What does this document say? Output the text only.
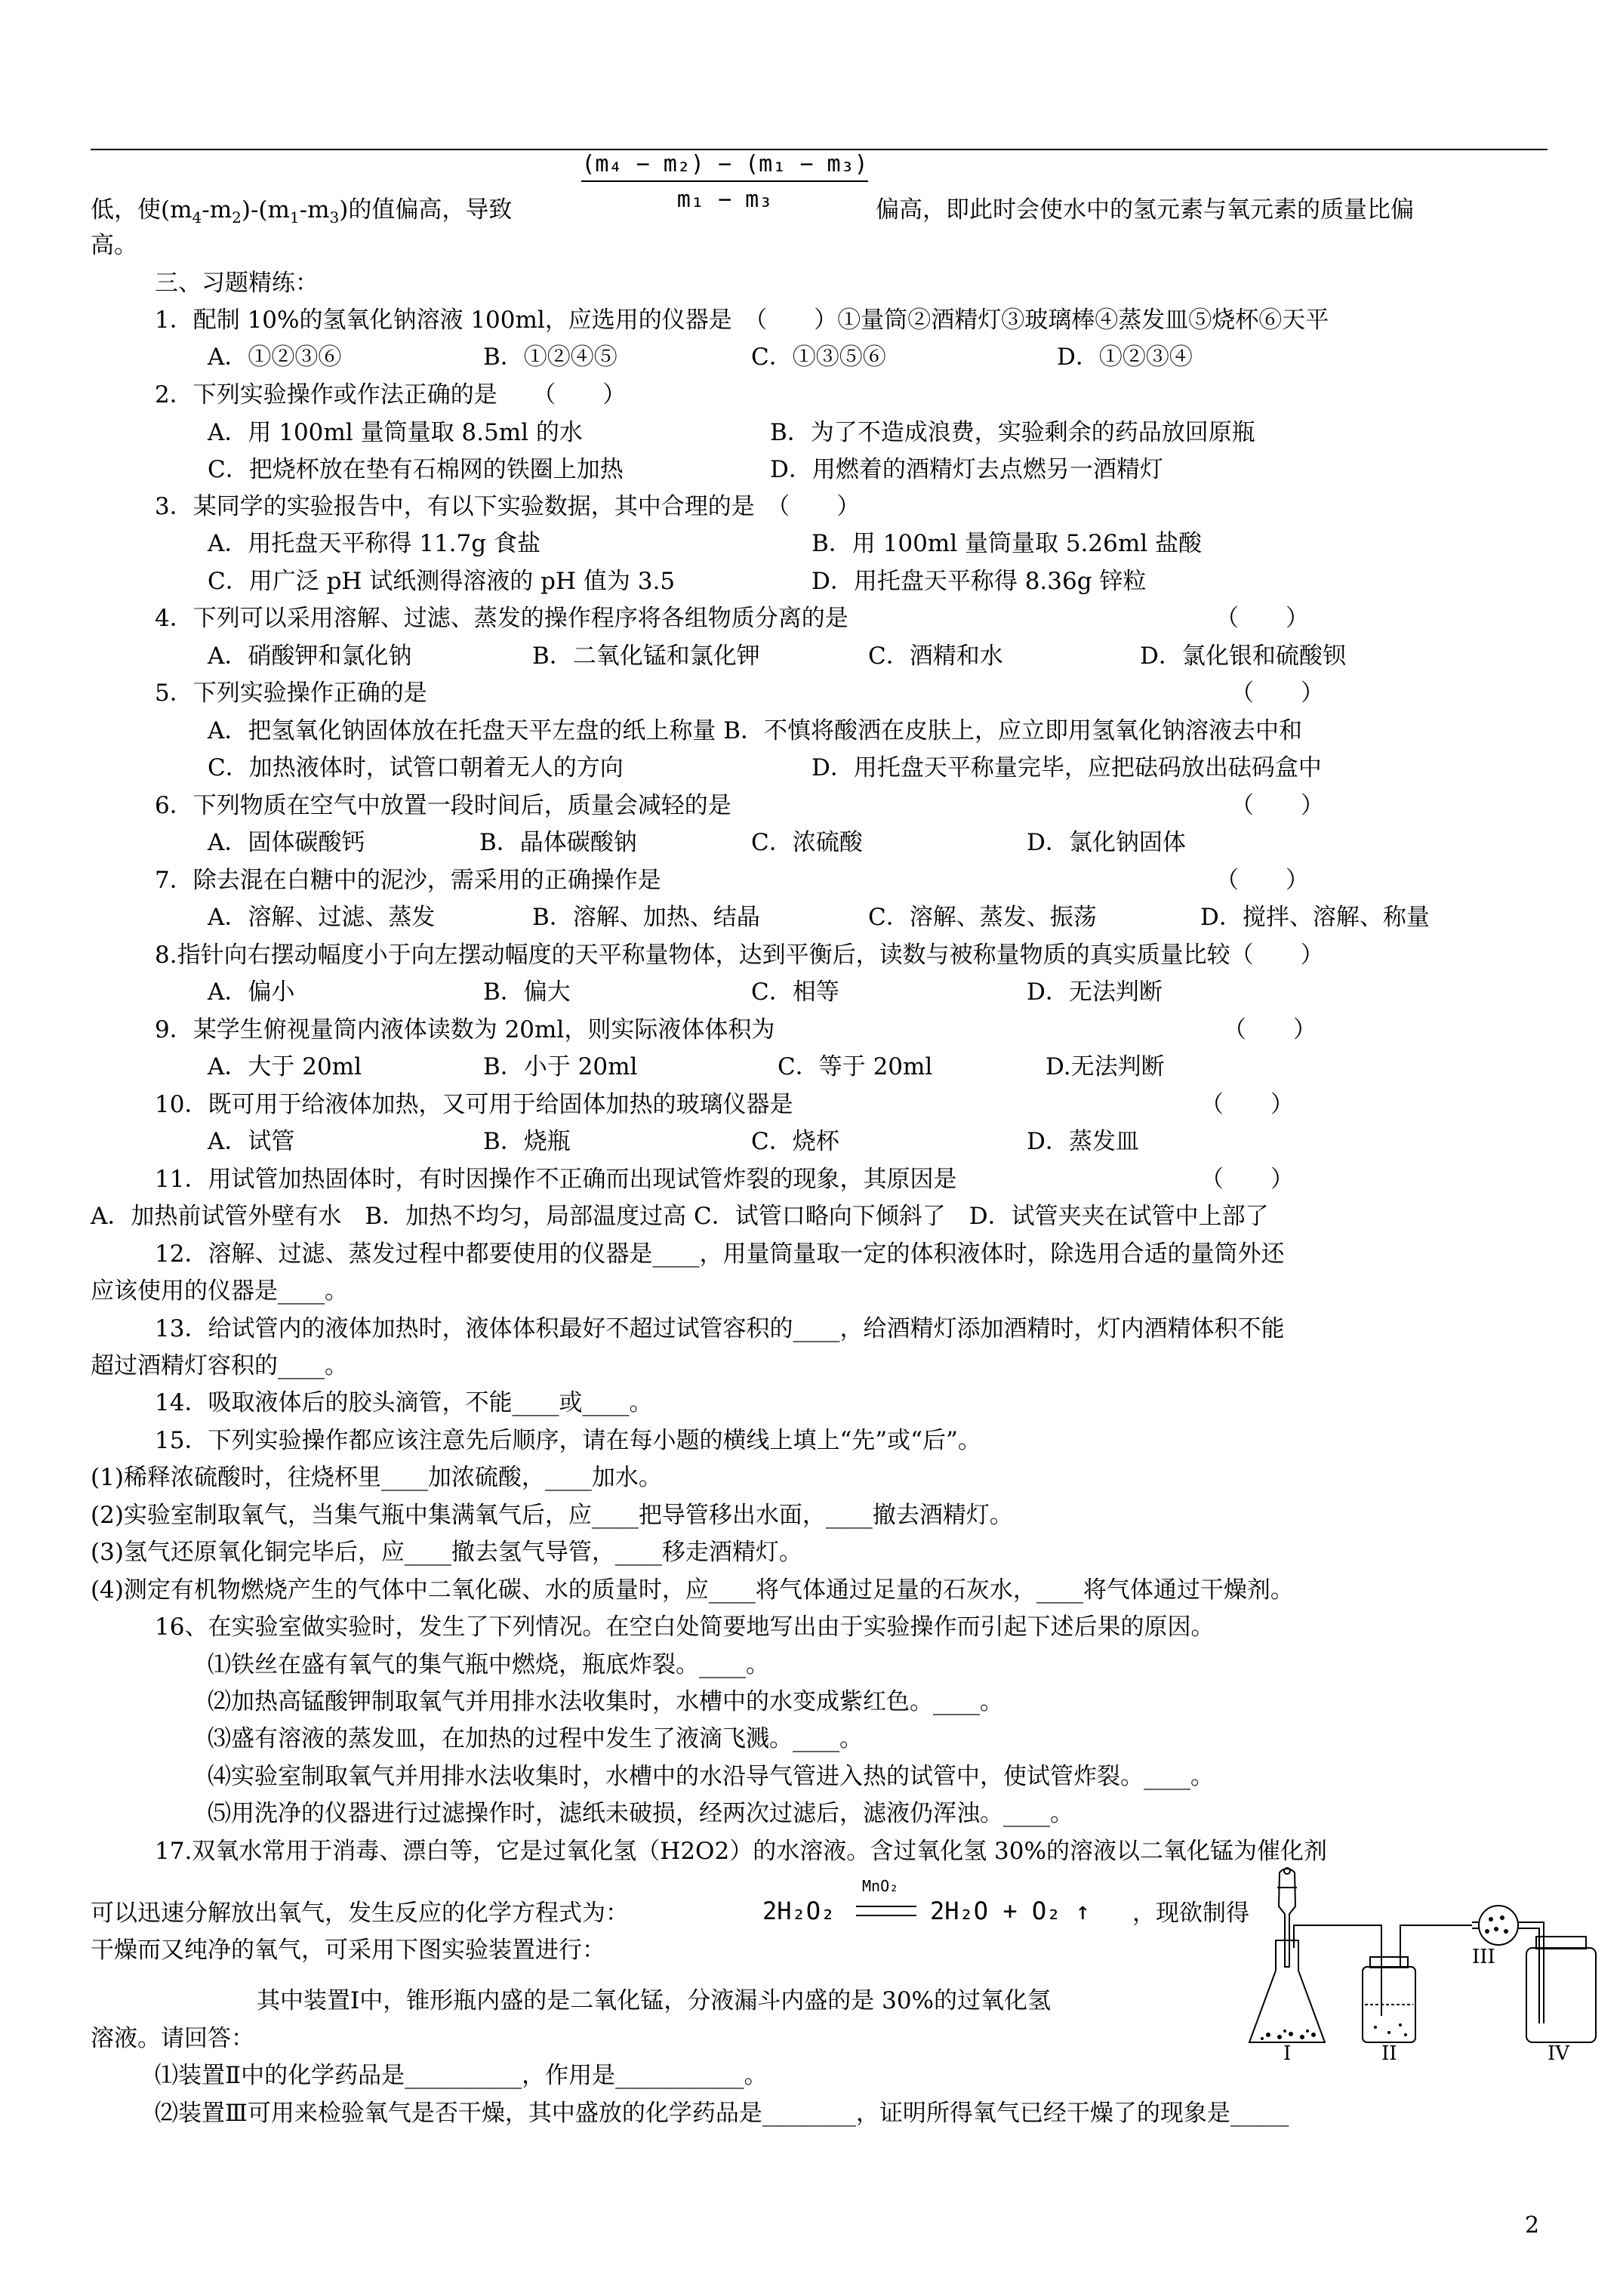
$\frac{\text{(m₄ − m₂) − (m₁ − m₃)}}{\text{m₁ − m₃}}$
低，使$(m_4-m_2)-(m_1-m_3)$的值偏高，导致	偏高，即此时会使水中的氢元素与氧元素的质量比偏
高。
三、习题精练：
1．配制 10%的氢氧化钠溶液 100ml，应选用的仪器是　（　　）①量筒②酒精灯③玻璃棒④蒸发皿⑤烧杯⑥天平
A．①②③⑥	B．①②④⑤	C．①③⑤⑥	D．①②③④
2．下列实验操作或作法正确的是　　（　　）
A．用 100ml 量筒量取 8.5ml 的水	B．为了不造成浪费，实验剩余的药品放回原瓶
C．把烧杯放在垫有石棉网的铁圈上加热	D．用燃着的酒精灯去点燃另一酒精灯
3．某同学的实验报告中，有以下实验数据，其中合理的是　（　　）
A．用托盘天平称得 11.7g 食盐	B．用 100ml 量筒量取 5.26ml 盐酸
C．用广泛 pH 试纸测得溶液的 pH 值为 3.5	D．用托盘天平称得 8.36g 锌粒
4．下列可以采用溶解、过滤、蒸发的操作程序将各组物质分离的是	（　　）
A．硝酸钾和氯化钠	B．二氧化锰和氯化钾	C．酒精和水	D．氯化银和硫酸钡
5．下列实验操作正确的是	（　　）
A．把氢氧化钠固体放在托盘天平左盘的纸上称量 B．不慎将酸洒在皮肤上，应立即用氢氧化钠溶液去中和
C．加热液体时，试管口朝着无人的方向	D．用托盘天平称量完毕，应把砝码放出砝码盒中
6．下列物质在空气中放置一段时间后，质量会减轻的是	（　　）
A．固体碳酸钙	B．晶体碳酸钠	C．浓硫酸	D．氯化钠固体
7．除去混在白糖中的泥沙，需采用的正确操作是	（　　）
A．溶解、过滤、蒸发	B．溶解、加热、结晶	C．溶解、蒸发、振荡	D．搅拌、溶解、称量
8.指针向右摆动幅度小于向左摆动幅度的天平称量物体，达到平衡后，读数与被称量物质的真实质量比较（　　）
A．偏小	B．偏大	C．相等	D．无法判断
9．某学生俯视量筒内液体读数为 20ml，则实际液体体积为	（　　）
A．大于 20ml	B．小于 20ml	C．等于 20ml	D.无法判断
10．既可用于给液体加热，又可用于给固体加热的玻璃仪器是	（　　）
A．试管	B．烧瓶	C．烧杯	D．蒸发皿
11．用试管加热固体时，有时因操作不正确而出现试管炸裂的现象，其原因是	（　　）
A．加热前试管外壁有水　B．加热不均匀，局部温度过高 C．试管口略向下倾斜了　D．试管夹夹在试管中上部了
12．溶解、过滤、蒸发过程中都要使用的仪器是____，用量筒量取一定的体积液体时，除选用合适的量筒外还
应该使用的仪器是____。
13．给试管内的液体加热时，液体体积最好不超过试管容积的____，给酒精灯添加酒精时，灯内酒精体积不能
超过酒精灯容积的____。
14．吸取液体后的胶头滴管，不能____或____。
15．下列实验操作都应该注意先后顺序，请在每小题的横线上填上“先”或“后”。
(1)稀释浓硫酸时，往烧杯里____加浓硫酸，____加水。
(2)实验室制取氧气，当集气瓶中集满氧气后，应____把导管移出水面，____撤去酒精灯。
(3)氢气还原氧化铜完毕后，应____撤去氢气导管，____移走酒精灯。
(4)测定有机物燃烧产生的气体中二氧化碳、水的质量时，应____将气体通过足量的石灰水，____将气体通过干燥剂。
16、在实验室做实验时，发生了下列情况。在空白处简要地写出由于实验操作而引起下述后果的原因。
⑴铁丝在盛有氧气的集气瓶中燃烧，瓶底炸裂。____。
⑵加热高锰酸钾制取氧气并用排水法收集时，水槽中的水变成紫红色。____。
⑶盛有溶液的蒸发皿，在加热的过程中发生了液滴飞溅。____。
⑷实验室制取氧气并用排水法收集时，水槽中的水沿导气管进入热的试管中，使试管炸裂。____。
⑸用洗净的仪器进行过滤操作时，滤纸未破损，经两次过滤后，滤液仍浑浊。____。
17.双氧水常用于消毒、漂白等，它是过氧化氢（H2O2）的水溶液。含过氧化氢 30%的溶液以二氧化锰为催化剂
可以迅速分解放出氧气，发生反应的化学方程式为：	2H₂O₂
MnO₂
2H₂O + O₂ ↑ ，现欲制得
干燥而又纯净的氧气，可采用下图实验装置进行：
其中装置Ⅰ中，锥形瓶内盛的是二氧化锰，分液漏斗内盛的是 30%的过氧化氢
溶液。请回答：
⑴装置Ⅱ中的化学药品是__________，作用是___________。
⑵装置Ⅲ可用来检验氧气是否干燥，其中盛放的化学药品是________，证明所得氧气已经干燥了的现象是_____
I	II
III
IV
2
